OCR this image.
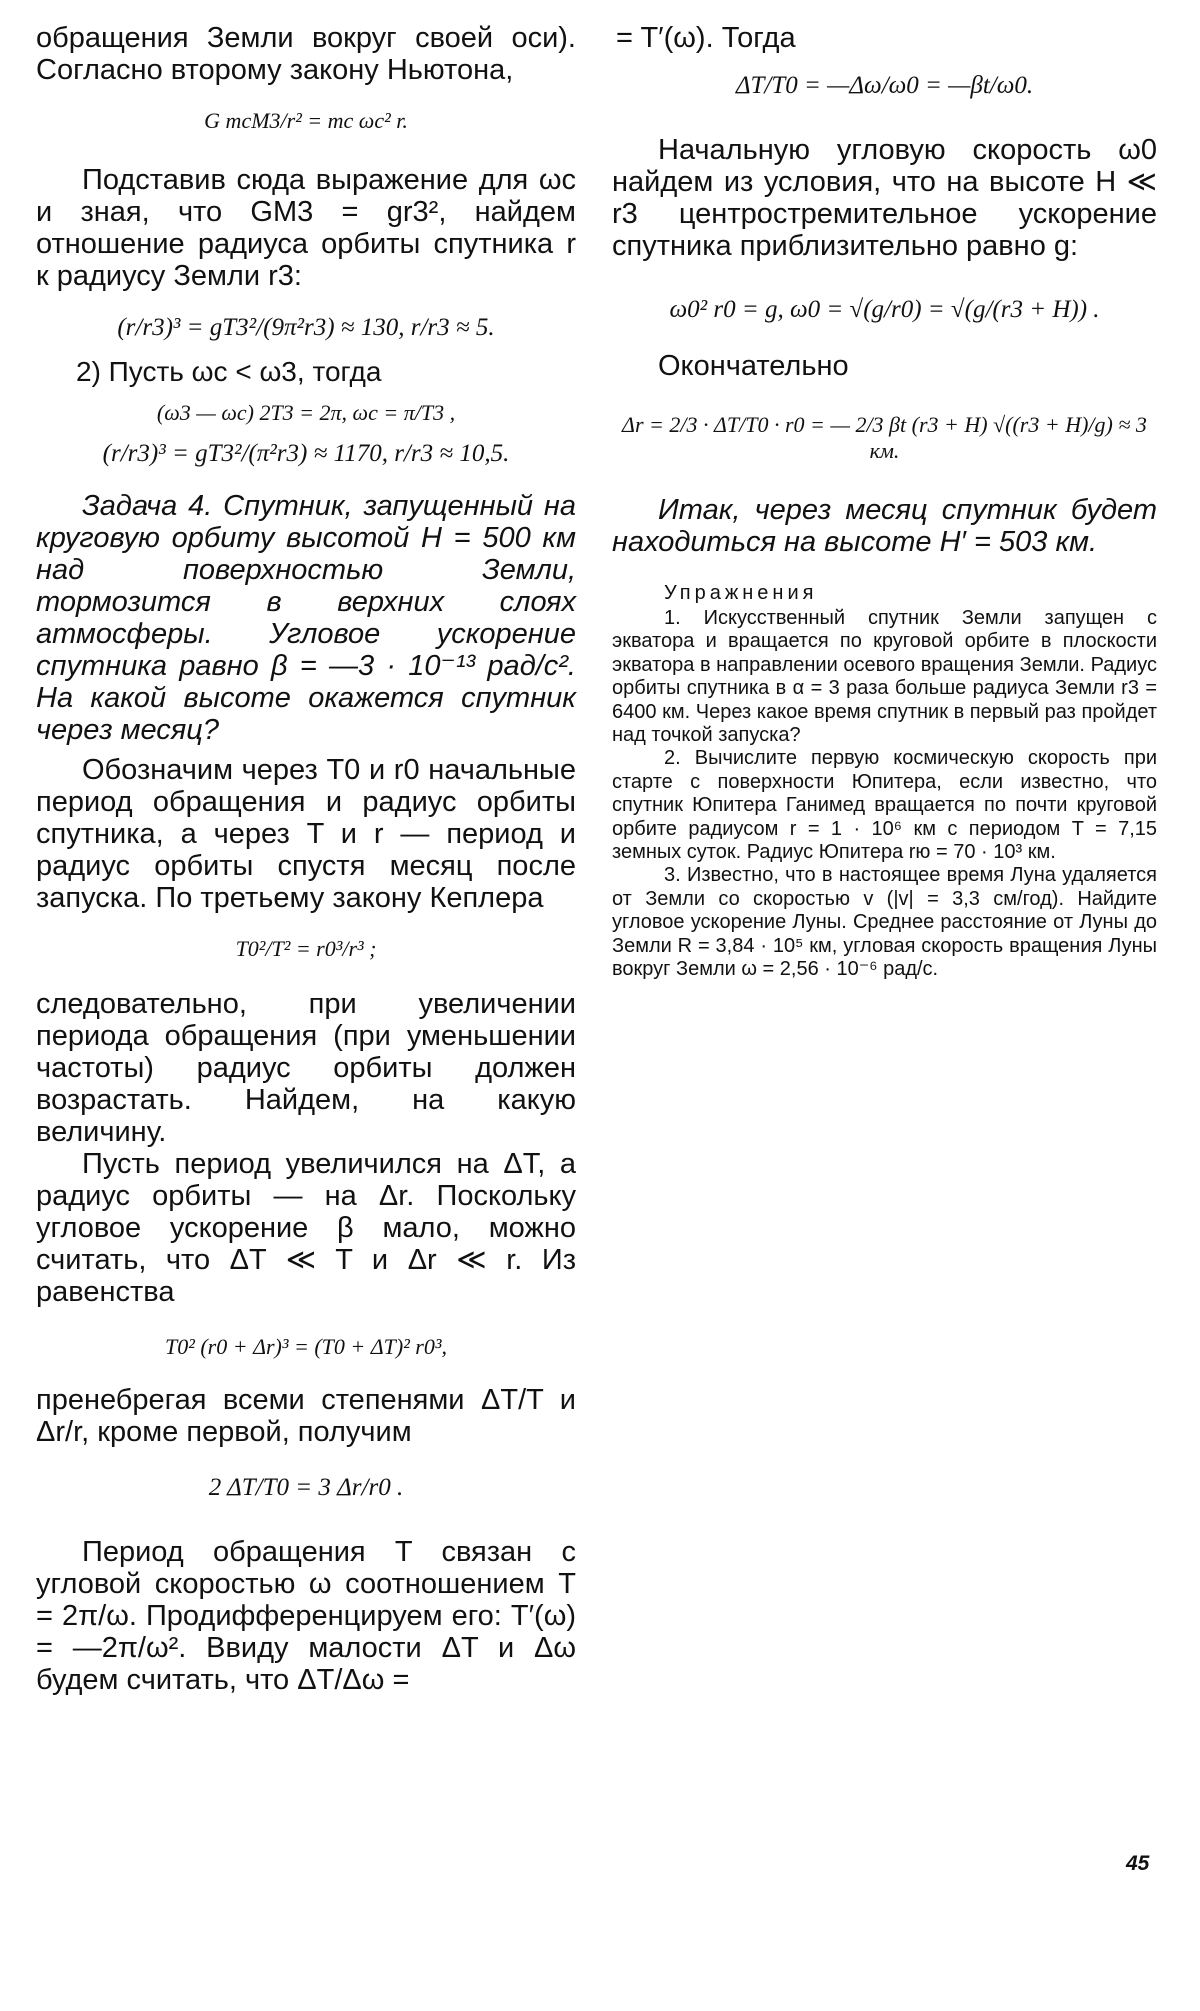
обращения Земли вокруг своей оси). Согласно второму закону Ньютона,

G mcM3/r² = mc ωc² r.

Подставив сюда выражение для ωc и зная, что GM3 = gr3², найдем отношение радиуса орбиты спутника r к радиусу Земли r3:

(r/r3)³ = gT3²/(9π²r3) ≈ 130, r/r3 ≈ 5.

2) Пусть ωc < ω3, тогда

(ω3 — ωc) 2T3 = 2π, ωc = π/T3 ,

(r/r3)³ = gT3²/(π²r3) ≈ 1170, r/r3 ≈ 10,5.

Задача 4. Спутник, запущенный на круговую орбиту высотой H = 500 км над поверхностью Земли, тормозится в верхних слоях атмосферы. Угловое ускорение спутника равно β = —3 · 10⁻¹³ рад/с². На какой высоте окажется спутник через месяц?

Обозначим через T0 и r0 начальные период обращения и радиус орбиты спутника, а через T и r — период и радиус орбиты спустя месяц после запуска. По третьему закону Кеплера

T0²/T² = r0³/r³ ;

следовательно, при увеличении периода обращения (при уменьшении частоты) радиус орбиты должен возрастать. Найдем, на какую величину.

Пусть период увеличился на ΔT, а радиус орбиты — на Δr. Поскольку угловое ускорение β мало, можно считать, что ΔT ≪ T и Δr ≪ r. Из равенства

T0² (r0 + Δr)³ = (T0 + ΔT)² r0³,

пренебрегая всеми степенями ΔT/T и Δr/r, кроме первой, получим

2 ΔT/T0 = 3 Δr/r0 .

Период обращения T связан с угловой скоростью ω соотношением T = 2π/ω. Продифференцируем его: T′(ω) = —2π/ω². Ввиду малости ΔT и Δω будем считать, что ΔT/Δω =

= T′(ω). Тогда

ΔT/T0 = —Δω/ω0 = —βt/ω0.

Начальную угловую скорость ω0 найдем из условия, что на высоте H ≪ r3 центростремительное ускорение спутника приблизительно равно g:

ω0² r0 = g, ω0 = √(g/r0) = √(g/(r3 + H)) .

Окончательно

Δr = 2/3 · ΔT/T0 · r0 = — 2/3 βt (r3 + H) √((r3 + H)/g) ≈ 3 км.

Итак, через месяц спутник будет находиться на высоте H′ = 503 км.

Упражнения

1. Искусственный спутник Земли запущен с экватора и вращается по круговой орбите в плоскости экватора в направлении осевого вращения Земли. Радиус орбиты спутника в α = 3 раза больше радиуса Земли r3 = 6400 км. Через какое время спутник в первый раз пройдет над точкой запуска?

2. Вычислите первую космическую скорость при старте с поверхности Юпитера, если известно, что спутник Юпитера Ганимед вращается по почти круговой орбите радиусом r = 1 · 10⁶ км с периодом T = 7,15 земных суток. Радиус Юпитера rю = 70 · 10³ км.

3. Известно, что в настоящее время Луна удаляется от Земли со скоростью v (|v| = 3,3 см/год). Найдите угловое ускорение Луны. Среднее расстояние от Луны до Земли R = 3,84 · 10⁵ км, угловая скорость вращения Луны вокруг Земли ω = 2,56 · 10⁻⁶ рад/с.

45
